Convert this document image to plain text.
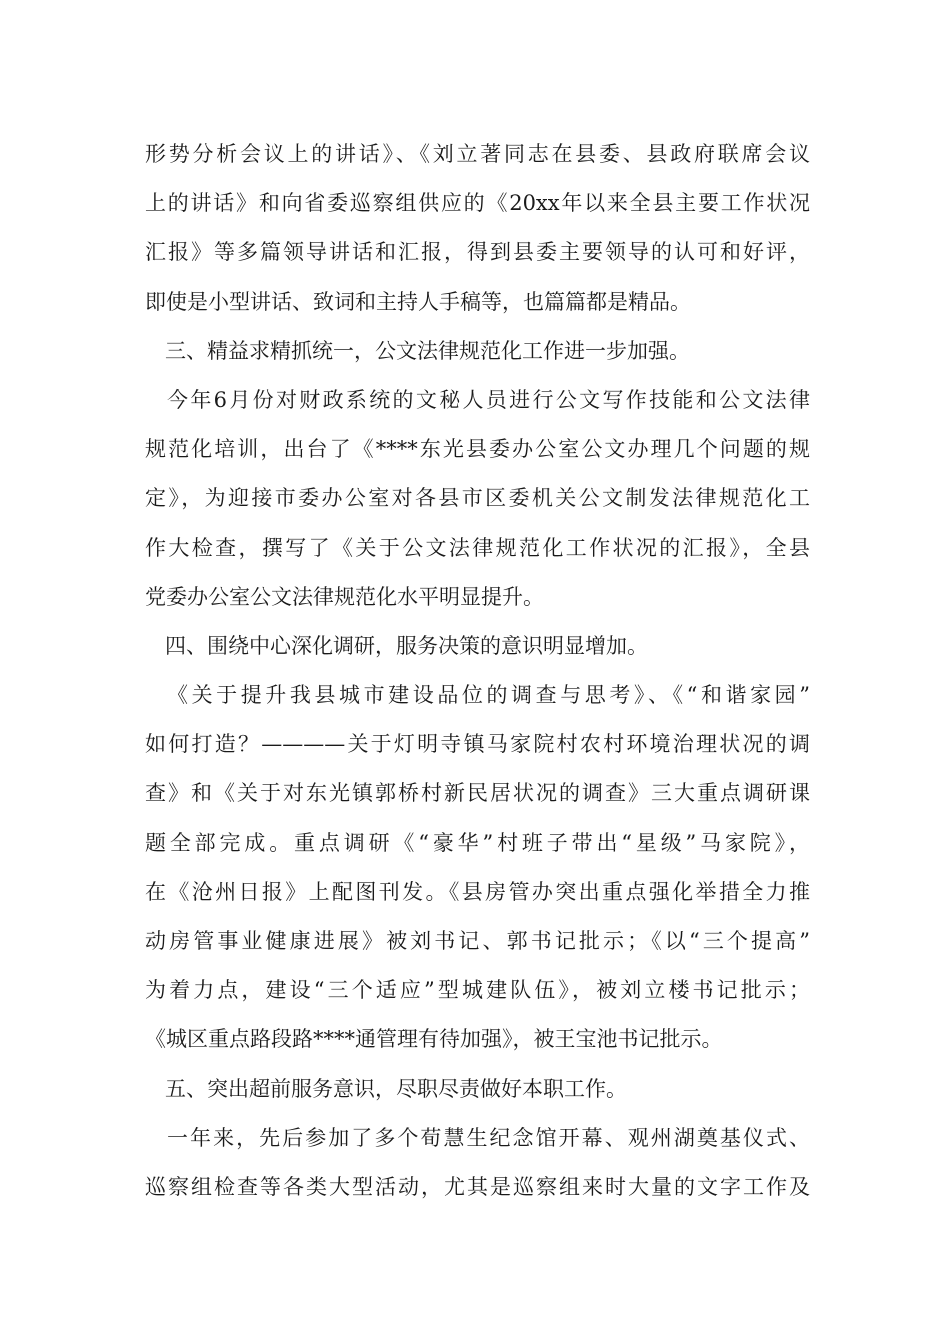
形势分析会议上的讲话》、《刘立著同志在县委、县政府联席会议
上的讲话》和向省委巡察组供应的《20xx年以来全县主要工作状况
汇报》等多篇领导讲话和汇报，得到县委主要领导的认可和好评，
即使是小型讲话、致词和主持人手稿等，也篇篇都是精品。
三、精益求精抓统一，公文法律规范化工作进一步加强。
今年6月份对财政系统的文秘人员进行公文写作技能和公文法律
规范化培训，出台了《****东光县委办公室公文办理几个问题的规
定》，为迎接市委办公室对各县市区委机关公文制发法律规范化工
作大检查，撰写了《关于公文法律规范化工作状况的汇报》，全县
党委办公室公文法律规范化水平明显提升。
四、围绕中心深化调研，服务决策的意识明显增加。
《关于提升我县城市建设品位的调查与思考》、《“和谐家园”
如何打造？————关于灯明寺镇马家院村农村环境治理状况的调
查》和《关于对东光镇郭桥村新民居状况的调查》三大重点调研课
题全部完成。重点调研《“豪华”村班子带出“星级”马家院》，
在《沧州日报》上配图刊发。《县房管办突出重点强化举措全力推
动房管事业健康进展》被刘书记、郭书记批示；《以“三个提高”
为着力点，建设“三个适应”型城建队伍》，被刘立楼书记批示；
《城区重点路段路****通管理有待加强》，被王宝池书记批示。
五、突出超前服务意识，尽职尽责做好本职工作。
一年来，先后参加了多个荀慧生纪念馆开幕、观州湖奠基仪式、
巡察组检查等各类大型活动，尤其是巡察组来时大量的文字工作及
